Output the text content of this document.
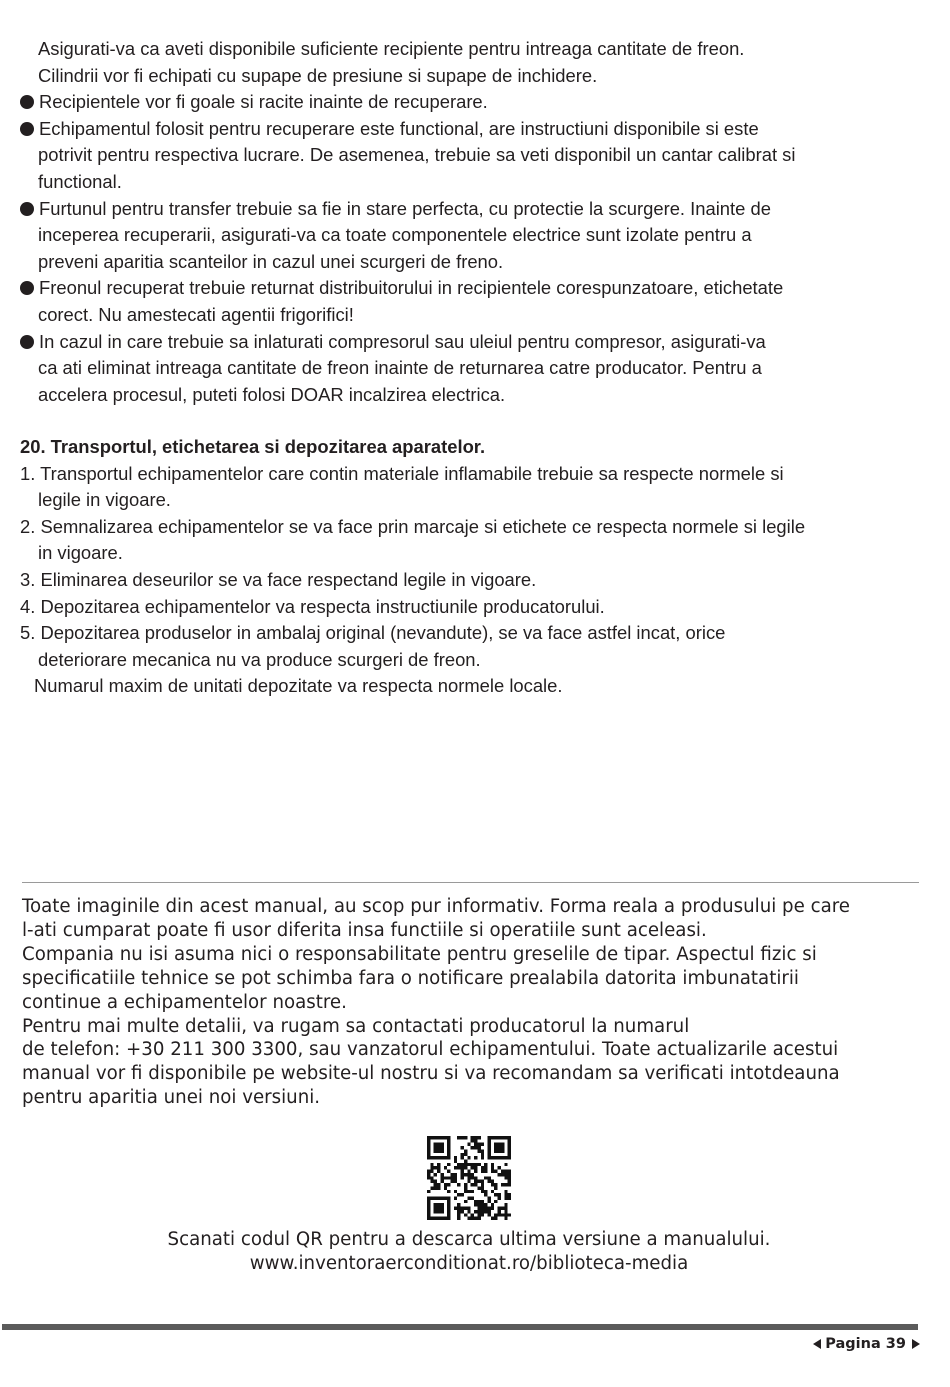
Asigurati-va ca aveti disponibile suficiente recipiente pentru intreaga cantitate de freon.
Cilindrii vor fi echipati cu supape de presiune si supape de inchidere.
Recipientele vor fi goale si racite inainte de recuperare.
Echipamentul folosit pentru recuperare este functional, are instructiuni disponibile si este
potrivit pentru respectiva lucrare. De asemenea, trebuie sa veti disponibil un cantar calibrat si
functional.
Furtunul pentru transfer trebuie sa fie in stare perfecta, cu protectie la scurgere. Inainte de
inceperea recuperarii, asigurati-va ca toate componentele electrice sunt izolate pentru a
preveni aparitia scanteilor in cazul unei scurgeri de freno.
Freonul recuperat trebuie returnat distribuitorului in recipientele corespunzatoare, etichetate
corect. Nu amestecati agentii frigorifici!
In cazul in care trebuie sa inlaturati compresorul sau uleiul pentru compresor, asigurati-va
ca ati eliminat intreaga cantitate de freon inainte de returnarea catre producator. Pentru a
accelera procesul, puteti folosi DOAR incalzirea electrica.
20. Transportul, etichetarea si depozitarea aparatelor.
1. Transportul echipamentelor care contin materiale inflamabile trebuie sa respecte normele si
legile in vigoare.
2. Semnalizarea echipamentelor se va face prin marcaje si etichete ce respecta normele si legile
in vigoare.
3. Eliminarea deseurilor se va face respectand legile in vigoare.
4. Depozitarea echipamentelor va respecta instructiunile producatorului.
5. Depozitarea produselor in ambalaj original (nevandute), se va face astfel incat, orice
deteriorare mecanica nu va produce scurgeri de freon.
Numarul maxim de unitati depozitate va respecta normele locale.
Toate imaginile din acest manual, au scop pur informativ. Forma reala a produsului pe care
l-ati cumparat poate fi usor diferita insa functiile si operatiile sunt aceleasi.
Compania nu isi asuma nici o responsabilitate pentru greselile de tipar. Aspectul fizic si
specificatiile tehnice se pot schimba fara o notificare prealabila datorita imbunatatirii
continue a echipamentelor noastre.
Pentru mai multe detalii, va rugam sa contactati producatorul la numarul
de telefon: +30 211 300 3300, sau vanzatorul echipamentului. Toate actualizarile acestui
manual vor fi disponibile pe website-ul nostru si va recomandam sa verificati intotdeauna
pentru aparitia unei noi versiuni.
Scanati codul QR pentru a descarca ultima versiune a manualului.
www.inventoraerconditionat.ro/biblioteca-media
Pagina 39
